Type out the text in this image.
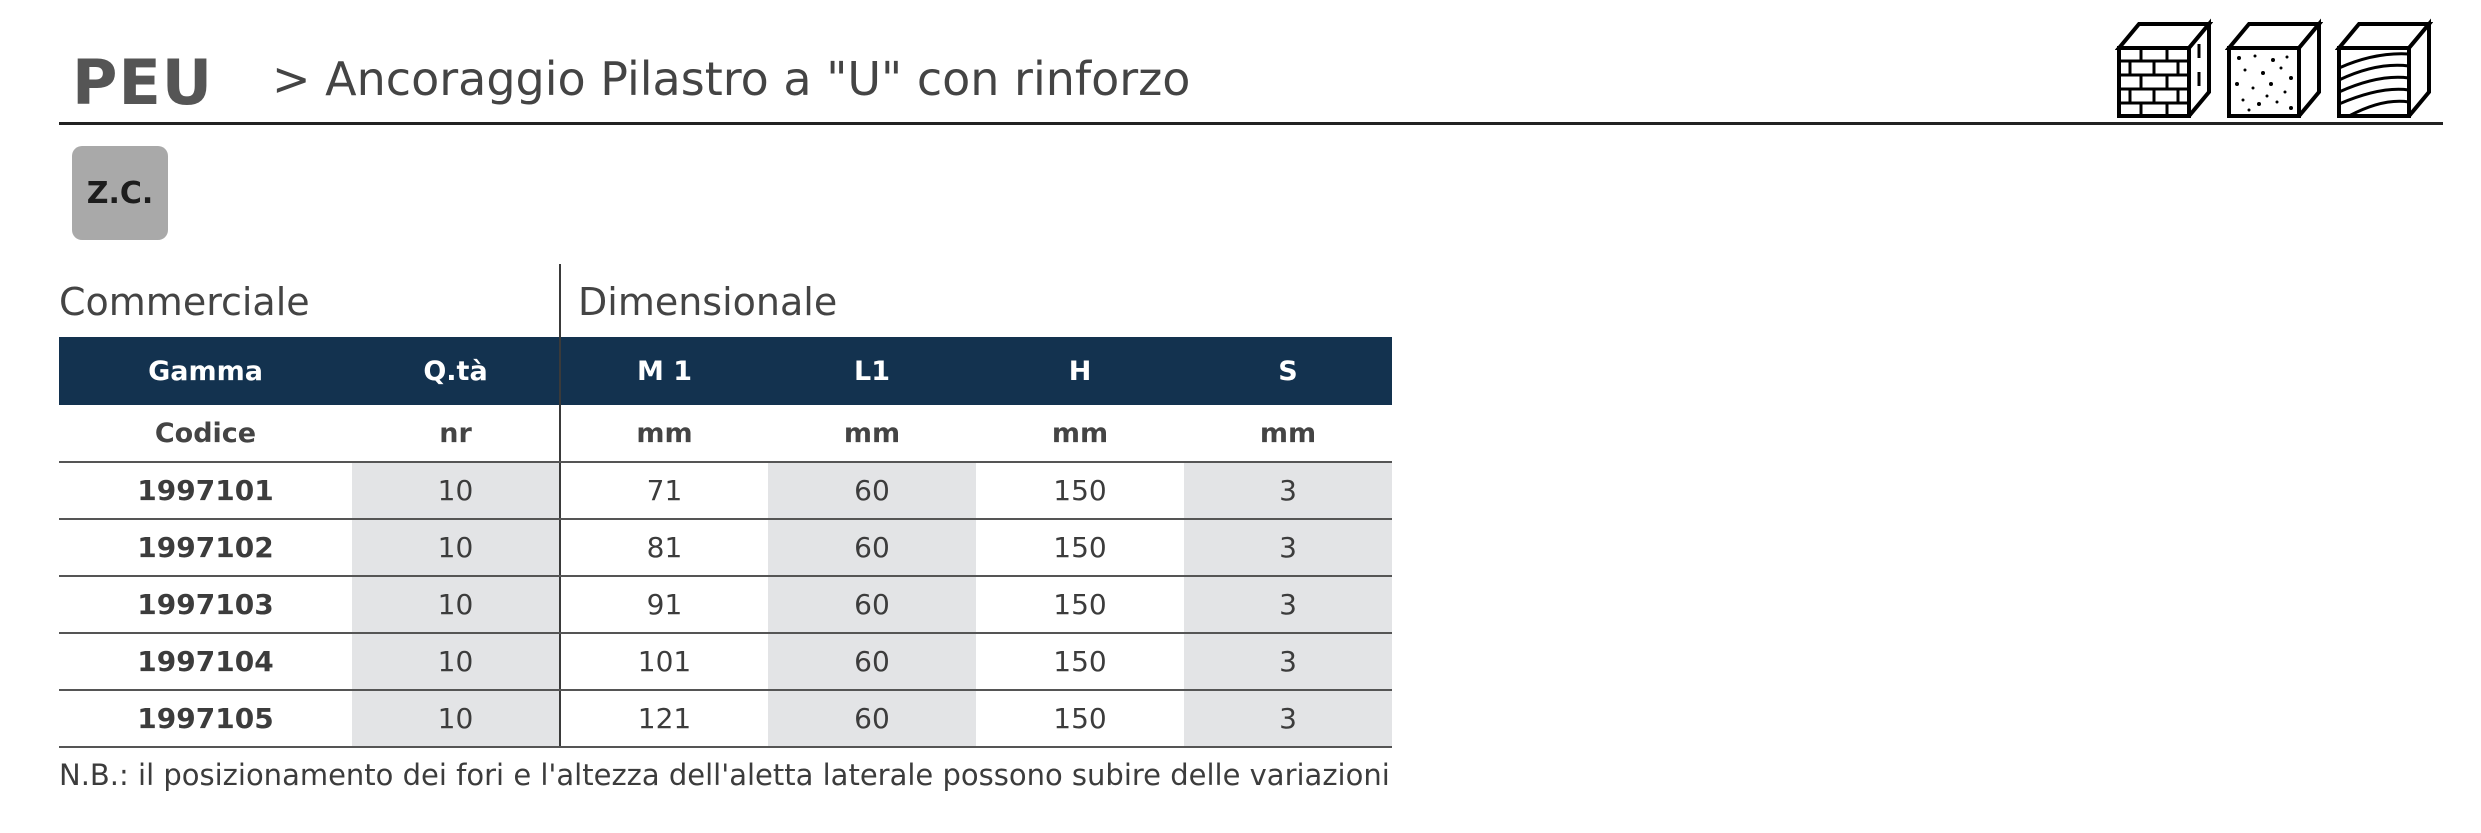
PEU > Ancoraggio Pilastro a "U" con rinforzo
Z.C.
Commerciale	Dimensionale
Gamma	Q.tà	M 1	L1	H	S
Codice	nr	mm	mm	mm	mm
1997101	10	71	60	150	3
1997102	10	81	60	150	3
1997103	10	91	60	150	3
1997104	10	101	60	150	3
1997105	10	121	60	150	3
N.B.: il posizionamento dei fori e l'altezza dell'aletta laterale possono subire delle variazioni
